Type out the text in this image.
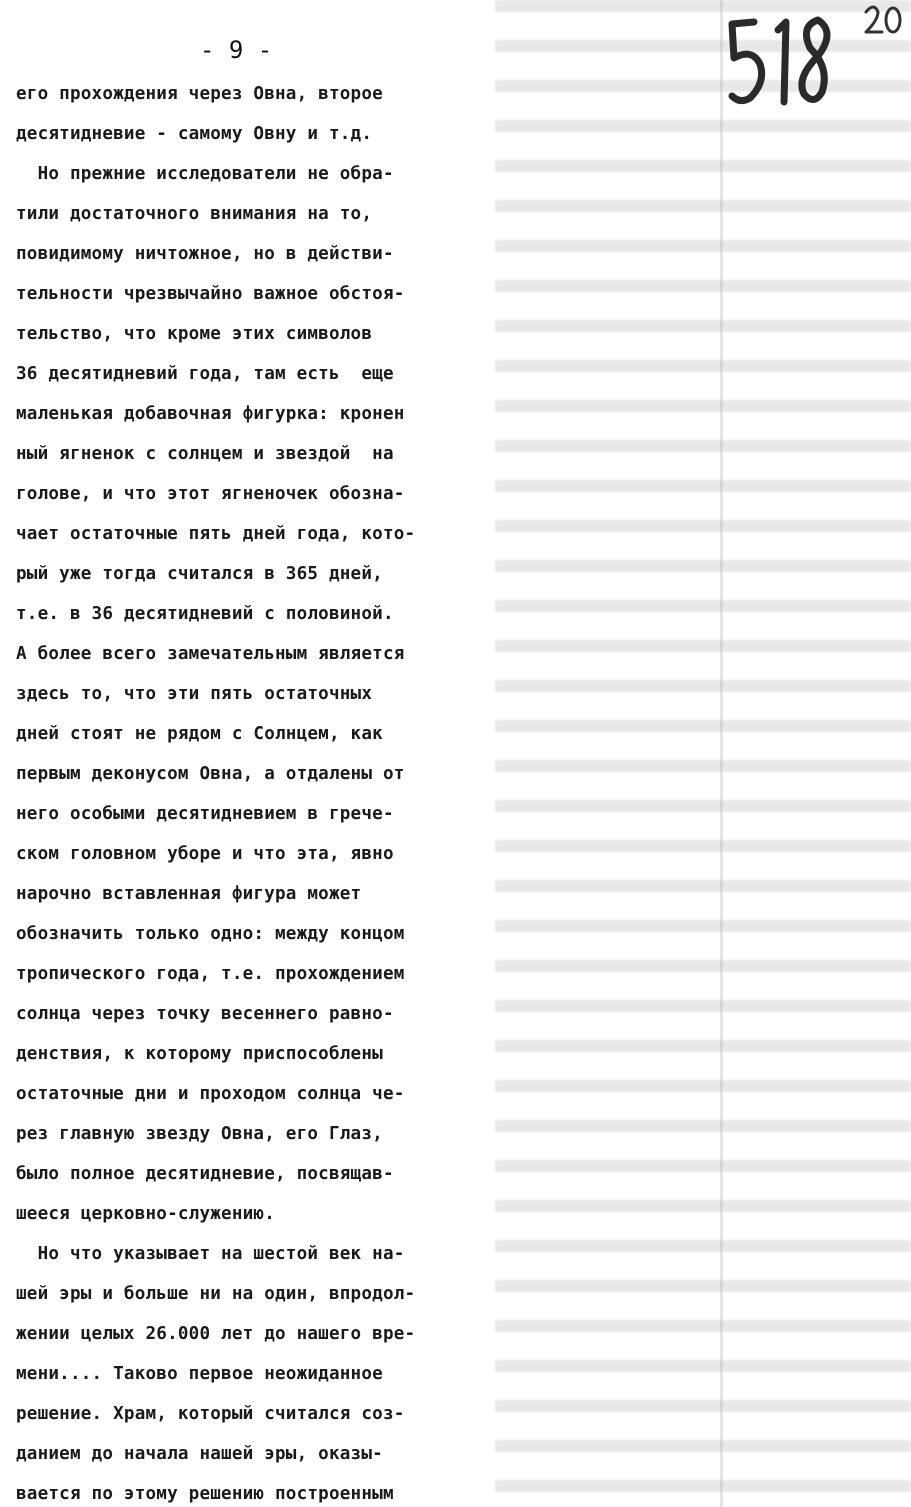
- 9 -
его прохождения через Овна, второе
десятидневие - самому Овну и т.д.
Но прежние исследователи не обра-
тили достаточного внимания на то,
повидимому ничтожное, но в действи-
тельности чрезвычайно важное обстоя-
тельство, что кроме этих символов
36 десятидневий года, там есть  еще
маленькая добавочная фигурка: кронен
ный ягненок с солнцем и звездой  на
голове, и что этот ягненочек обозна-
чает остаточные пять дней года, кото-
рый уже тогда считался в 365 дней,
т.е. в 36 десятидневий с половиной.
А более всего замечательным является
здесь то, что эти пять остаточных
дней стоят не рядом с Солнцем, как
первым деконусом Овна, а отдалены от
него особыми десятидневием в грече-
ском головном уборе и что эта, явно
нарочно вставленная фигура может
обозначить только одно: между концом
тропического года, т.е. прохождением
солнца через точку весеннего равно-
денствия, к которому приспособлены
остаточные дни и проходом солнца че-
рез главную звезду Овна, его Глаз,
было полное десятидневие, посвящав-
шееся церковно-служению.
Но что указывает на шестой век на-
шей эры и больше ни на один, впродол-
жении целых 26.000 лет до нашего вре-
мени.... Таково первое неожиданное
решение. Храм, который считался соз-
данием до начала нашей эры, оказы-
вается по этому решению построенным
